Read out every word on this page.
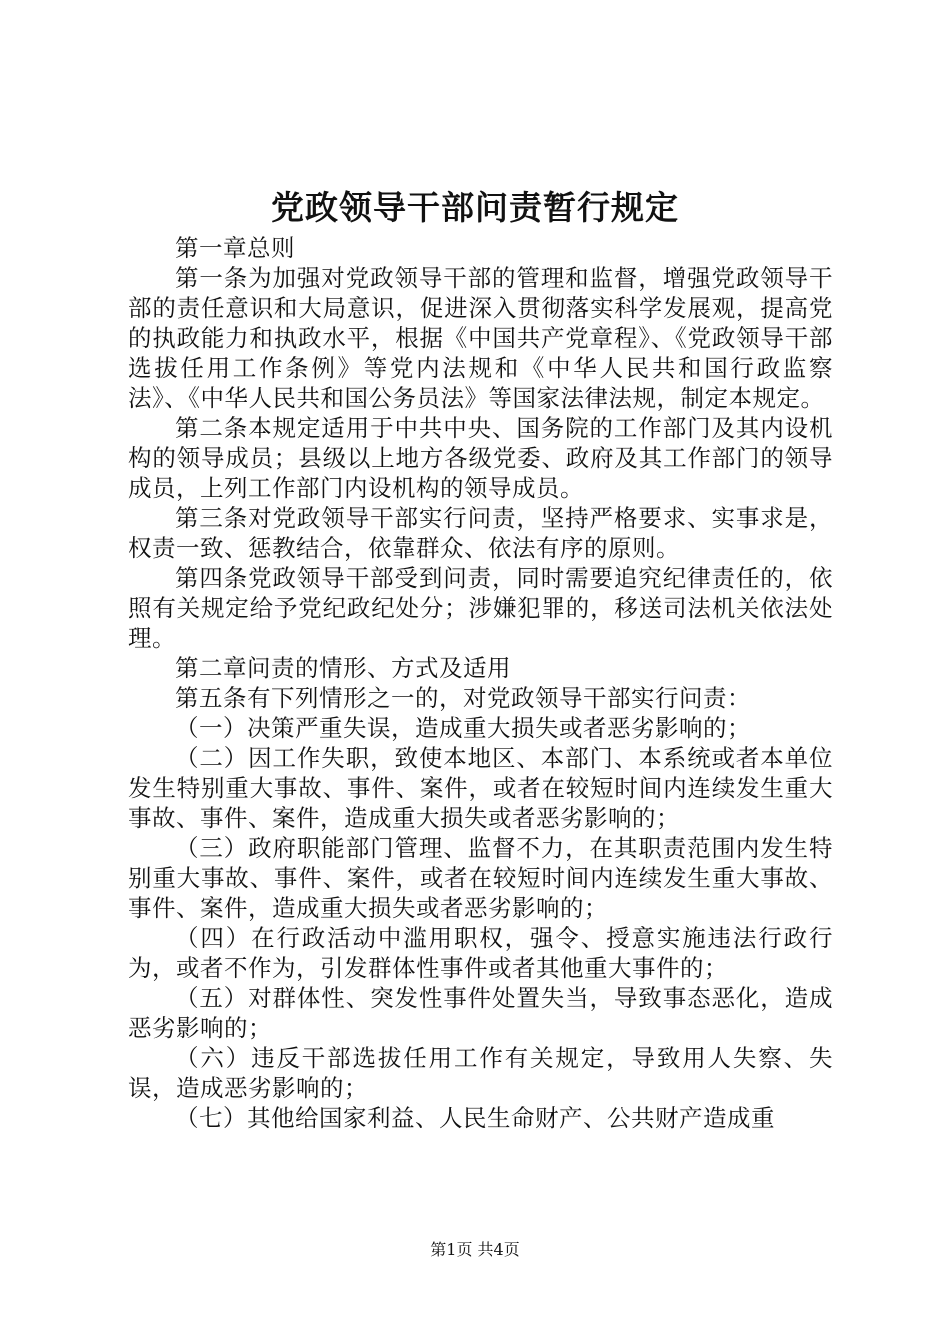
党政领导干部问责暂行规定

第一章总则

第一条为加强对党政领导干部的管理和监督，增强党政领导干部的责任意识和大局意识，促进深入贯彻落实科学发展观，提高党的执政能力和执政水平，根据《中国共产党章程》、《党政领导干部选拔任用工作条例》等党内法规和《中华人民共和国行政监察法》、《中华人民共和国公务员法》等国家法律法规，制定本规定。

第二条本规定适用于中共中央、国务院的工作部门及其内设机构的领导成员；县级以上地方各级党委、政府及其工作部门的领导成员，上列工作部门内设机构的领导成员。

第三条对党政领导干部实行问责，坚持严格要求、实事求是，权责一致、惩教结合，依靠群众、依法有序的原则。

第四条党政领导干部受到问责，同时需要追究纪律责任的，依照有关规定给予党纪政纪处分；涉嫌犯罪的，移送司法机关依法处理。

第二章问责的情形、方式及适用

第五条有下列情形之一的，对党政领导干部实行问责：

（一）决策严重失误，造成重大损失或者恶劣影响的；

（二）因工作失职，致使本地区、本部门、本系统或者本单位发生特别重大事故、事件、案件，或者在较短时间内连续发生重大事故、事件、案件，造成重大损失或者恶劣影响的；

（三）政府职能部门管理、监督不力，在其职责范围内发生特别重大事故、事件、案件，或者在较短时间内连续发生重大事故、事件、案件，造成重大损失或者恶劣影响的；

（四）在行政活动中滥用职权，强令、授意实施违法行政行为，或者不作为，引发群体性事件或者其他重大事件的；

（五）对群体性、突发性事件处置失当，导致事态恶化，造成恶劣影响的；

（六）违反干部选拔任用工作有关规定，导致用人失察、失误，造成恶劣影响的；

（七）其他给国家利益、人民生命财产、公共财产造成重

第1页 共4页
